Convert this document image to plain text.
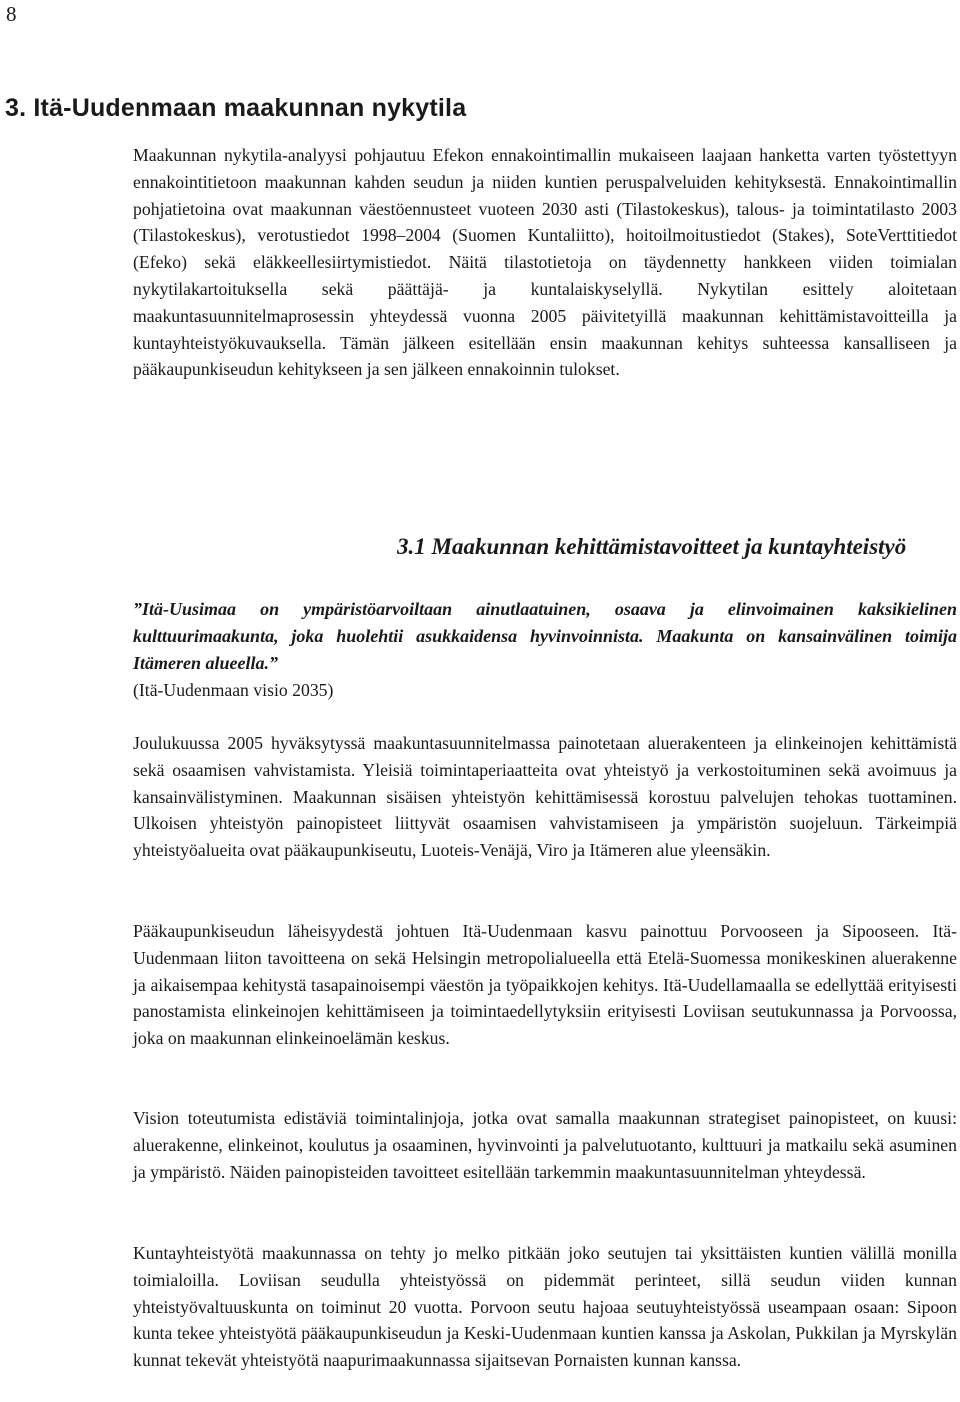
8
3. Itä-Uudenmaan maakunnan nykytila

Maakunnan nykytila-analyysi pohjautuu Efekon ennakointimallin mukaiseen laajaan hanketta varten työstettyyn ennakointitietoon maakunnan kahden seudun ja niiden kuntien peruspalveluiden kehityksestä. Ennakointimallin pohjatietoina ovat maakunnan väestöennusteet vuoteen 2030 asti (Tilastokeskus), talous- ja toimintatilasto 2003 (Tilastokeskus), verotustiedot 1998–2004 (Suomen Kuntaliitto), hoitoilmoitustiedot (Stakes), SoteVerttitiedot (Efeko) sekä eläkkeellesiirtymistiedot. Näitä tilastotietoja on täydennetty hankkeen viiden toimialan nykytilakartoituksella sekä päättäjä- ja kuntalaiskyselyllä. Nykytilan esittely aloitetaan maakuntasuunnitelmaprosessin yhteydessä vuonna 2005 päivitetyillä maakunnan kehittämistavoitteilla ja kuntayhteistyökuvauksella. Tämän jälkeen esitellään ensin maakunnan kehitys suhteessa kansalliseen ja pääkaupunkiseudun kehitykseen ja sen jälkeen ennakoinnin tulokset.

3.1 Maakunnan kehittämistavoitteet ja kuntayhteistyö

”Itä-Uusimaa on ympäristöarvoiltaan ainutlaatuinen, osaava ja elinvoimainen kaksikielinen kulttuurimaakunta, joka huolehtii asukkaidensa hyvinvoinnista. Maakunta on kansainvälinen toimija Itämeren alueella.”

(Itä-Uudenmaan visio 2035)

Joulukuussa 2005 hyväksytyssä maakuntasuunnitelmassa painotetaan aluerakenteen ja elinkeinojen kehittämistä sekä osaamisen vahvistamista. Yleisiä toimintaperiaatteita ovat yhteistyö ja verkostoituminen sekä avoimuus ja kansainvälistyminen. Maakunnan sisäisen yhteistyön kehittämisessä korostuu palvelujen tehokas tuottaminen. Ulkoisen yhteistyön painopisteet liittyvät osaamisen vahvistamiseen ja ympäristön suojeluun. Tärkeimpiä yhteistyöalueita ovat pääkaupunkiseutu, Luoteis-Venäjä, Viro ja Itämeren alue yleensäkin.

Pääkaupunkiseudun läheisyydestä johtuen Itä-Uudenmaan kasvu painottuu Porvooseen ja Sipooseen. Itä-Uudenmaan liiton tavoitteena on sekä Helsingin metropolialueella että Etelä-Suomessa monikeskinen aluerakenne ja aikaisempaa kehitystä tasapainoisempi väestön ja työpaikkojen kehitys. Itä-Uudellamaalla se edellyttää erityisesti panostamista elinkeinojen kehittämiseen ja toimintaedellytyksiin erityisesti Loviisan seutukunnassa ja Porvoossa, joka on maakunnan elinkeinoelämän keskus.

Vision toteutumista edistäviä toimintalinjoja, jotka ovat samalla maakunnan strategiset painopisteet, on kuusi: aluerakenne, elinkeinot, koulutus ja osaaminen, hyvinvointi ja palvelutuotanto, kulttuuri ja matkailu sekä asuminen ja ympäristö. Näiden painopisteiden tavoitteet esitellään tarkemmin maakuntasuunnitelman yhteydessä.

Kuntayhteistyötä maakunnassa on tehty jo melko pitkään joko seutujen tai yksittäisten kuntien välillä monilla toimialoilla. Loviisan seudulla yhteistyössä on pidemmät perinteet, sillä seudun viiden kunnan yhteistyövaltuuskunta on toiminut 20 vuotta. Porvoon seutu hajoaa seutuyhteistyössä useampaan osaan: Sipoon kunta tekee yhteistyötä pääkaupunkiseudun ja Keski-Uudenmaan kuntien kanssa ja Askolan, Pukkilan ja Myrskylän kunnat tekevät yhteistyötä naapurimaakunnassa sijaitsevan Pornaisten kunnan kanssa.
